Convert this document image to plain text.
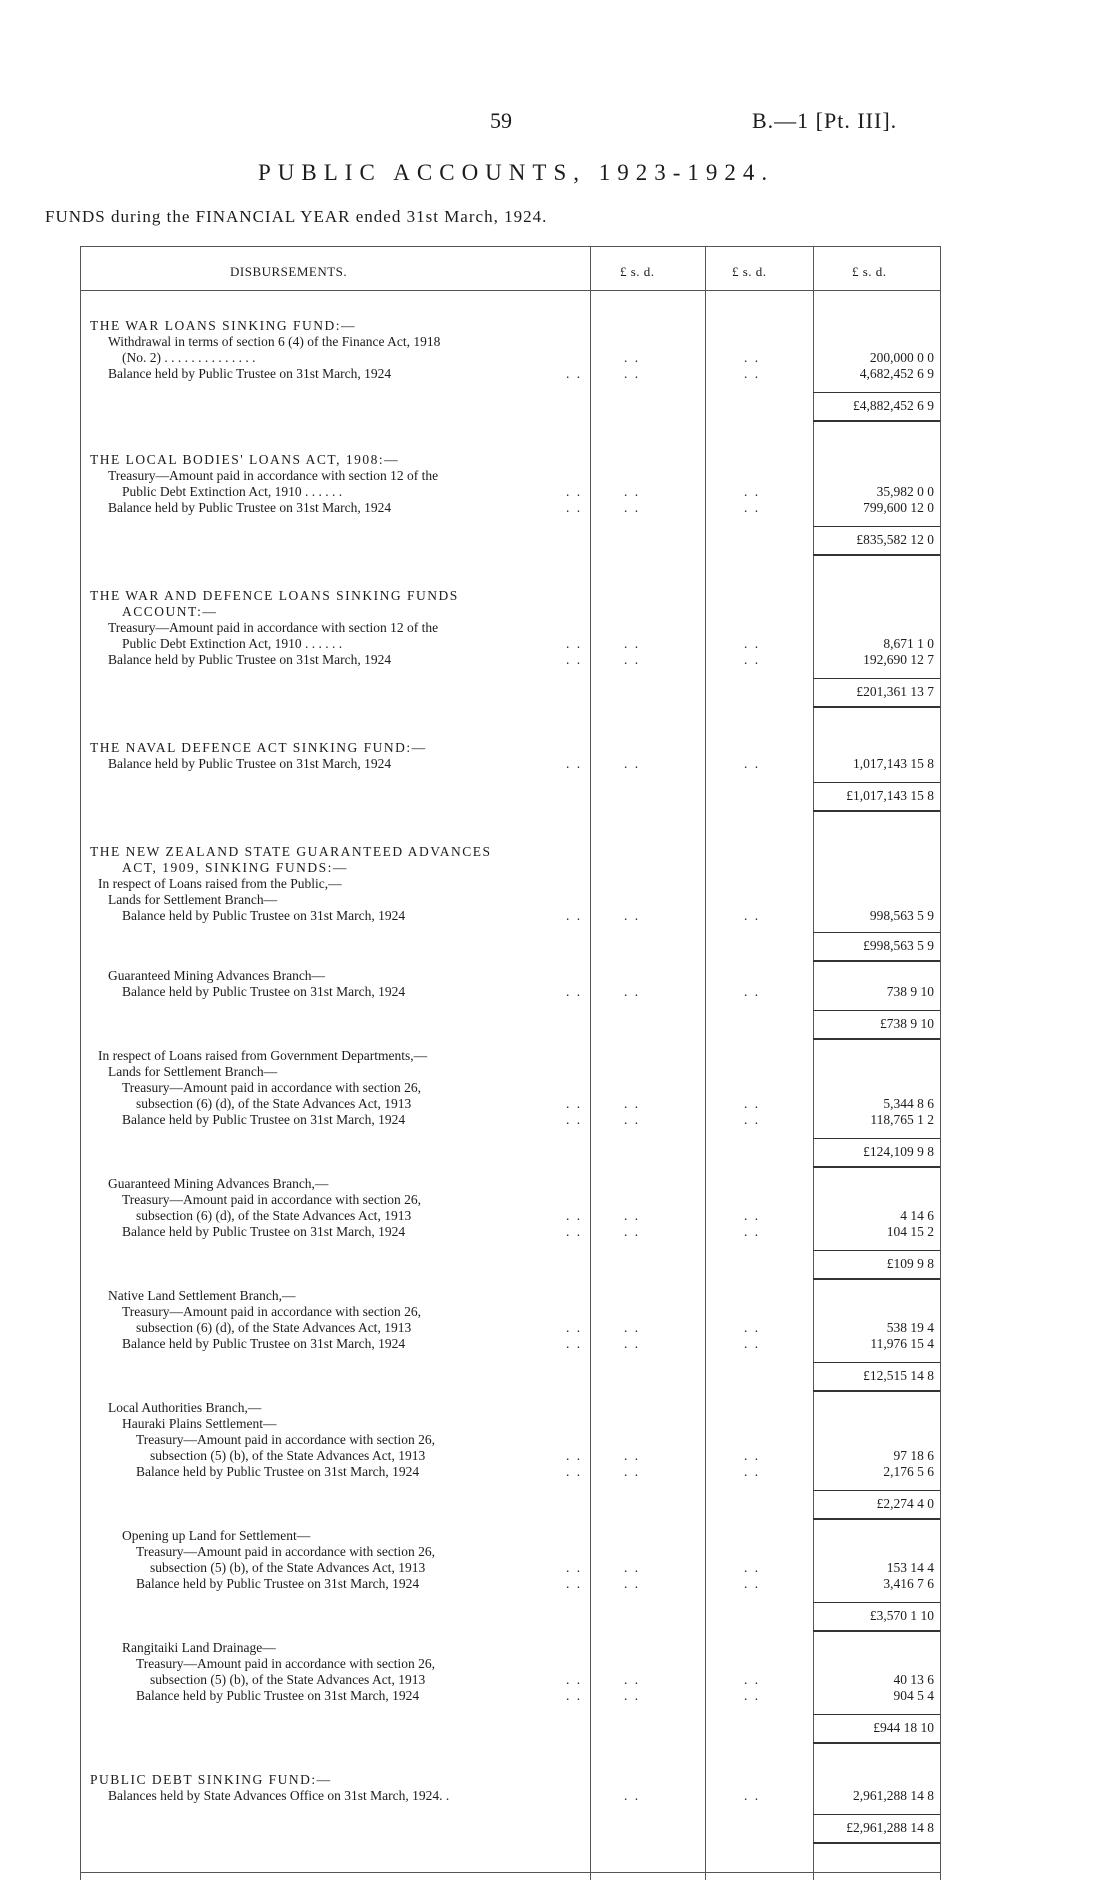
59	B.—1 [Pt. III].
PUBLIC ACCOUNTS, 1923-1924.
FUNDS during the FINANCIAL YEAR ended 31st March, 1924.
DISBURSEMENTS.	£ s. d.	£ s. d.	£ s. d.
THE WAR LOANS SINKING FUND:—
Withdrawal in terms of section 6 (4) of the Finance Act, 1918
(No. 2) . . . . . . . . . . . . . .	. .	. .	200,000 0 0
Balance held by Public Trustee on 31st March, 1924	. .	. .	. .	4,682,452 6 9
£4,882,452 6 9
THE LOCAL BODIES' LOANS ACT, 1908:—
Treasury—Amount paid in accordance with section 12 of the
Public Debt Extinction Act, 1910 . . . . . .	. .	. .	. .	35,982 0 0
Balance held by Public Trustee on 31st March, 1924	. .	. .	. .	799,600 12 0
£835,582 12 0
THE WAR AND DEFENCE LOANS SINKING FUNDS
ACCOUNT:—
Treasury—Amount paid in accordance with section 12 of the
Public Debt Extinction Act, 1910 . . . . . .	. .	. .	. .	8,671 1 0
Balance held by Public Trustee on 31st March, 1924	. .	. .	. .	192,690 12 7
£201,361 13 7
THE NAVAL DEFENCE ACT SINKING FUND:—
Balance held by Public Trustee on 31st March, 1924	. .	. .	. .	1,017,143 15 8
£1,017,143 15 8
THE NEW ZEALAND STATE GUARANTEED ADVANCES
ACT, 1909, SINKING FUNDS:—
In respect of Loans raised from the Public,—
Lands for Settlement Branch—
Balance held by Public Trustee on 31st March, 1924	. .	. .	. .	998,563 5 9
£998,563 5 9
Guaranteed Mining Advances Branch—
Balance held by Public Trustee on 31st March, 1924	. .	. .	. .	738 9 10
£738 9 10
In respect of Loans raised from Government Departments,—
Lands for Settlement Branch—
Treasury—Amount paid in accordance with section 26,
subsection (6) (d), of the State Advances Act, 1913	. .	. .	. .	5,344 8 6
Balance held by Public Trustee on 31st March, 1924	. .	. .	. .	118,765 1 2
£124,109 9 8
Guaranteed Mining Advances Branch,—
Treasury—Amount paid in accordance with section 26,
subsection (6) (d), of the State Advances Act, 1913	. .	. .	. .	4 14 6
Balance held by Public Trustee on 31st March, 1924	. .	. .	. .	104 15 2
£109 9 8
Native Land Settlement Branch,—
Treasury—Amount paid in accordance with section 26,
subsection (6) (d), of the State Advances Act, 1913	. .	. .	. .	538 19 4
Balance held by Public Trustee on 31st March, 1924	. .	. .	. .	11,976 15 4
£12,515 14 8
Local Authorities Branch,—
Hauraki Plains Settlement—
Treasury—Amount paid in accordance with section 26,
subsection (5) (b), of the State Advances Act, 1913	. .	. .	. .	97 18 6
Balance held by Public Trustee on 31st March, 1924	. .	. .	. .	2,176 5 6
£2,274 4 0
Opening up Land for Settlement—
Treasury—Amount paid in accordance with section 26,
subsection (5) (b), of the State Advances Act, 1913	. .	. .	. .	153 14 4
Balance held by Public Trustee on 31st March, 1924	. .	. .	. .	3,416 7 6
£3,570 1 10
Rangitaiki Land Drainage—
Treasury—Amount paid in accordance with section 26,
subsection (5) (b), of the State Advances Act, 1913	. .	. .	. .	40 13 6
Balance held by Public Trustee on 31st March, 1924	. .	. .	. .	904 5 4
£944 18 10
PUBLIC DEBT SINKING FUND:—
Balances held by State Advances Office on 31st March, 1924. .	. .	. .	2,961,288 14 8
£2,961,288 14 8
